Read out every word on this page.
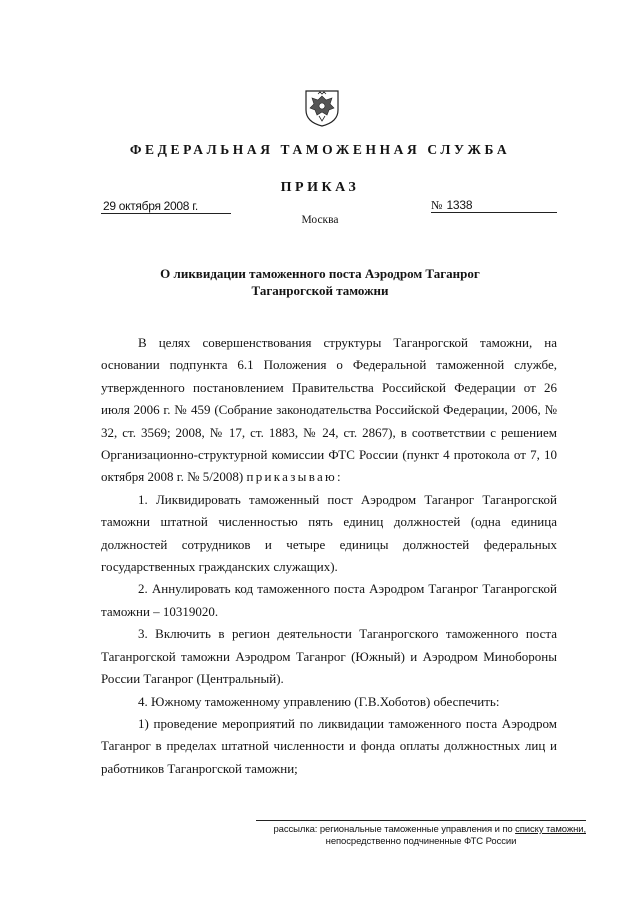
ФЕДЕРАЛЬНАЯ ТАМОЖЕННАЯ СЛУЖБА
ПРИКАЗ
29 октября 2008 г.	№ 1338
Москва
О ликвидации таможенного поста Аэродром Таганрог
Таганрогской таможни

В целях совершенствования структуры Таганрогской таможни, на основании подпункта 6.1 Положения о Федеральной таможенной службе, утвержденного постановлением Правительства Российской Федерации от 26 июля 2006 г. № 459 (Собрание законодательства Российской Федерации, 2006, № 32, ст. 3569; 2008, № 17, ст. 1883, № 24, ст. 2867), в соответствии с решением Организационно-структурной комиссии ФТС России (пункт 4 протокола от 7, 10 октября 2008 г. № 5/2008) приказываю:

1. Ликвидировать таможенный пост Аэродром Таганрог Таганрогской таможни штатной численностью пять единиц должностей (одна единица должностей сотрудников и четыре единицы должностей федеральных государственных гражданских служащих).

2. Аннулировать код таможенного поста Аэродром Таганрог Таганрогской таможни – 10319020.

3. Включить в регион деятельности Таганрогского таможенного поста Таганрогской таможни Аэродром Таганрог (Южный) и Аэродром Минобороны России Таганрог (Центральный).

4. Южному таможенному управлению (Г.В.Хоботов) обеспечить:

1) проведение мероприятий по ликвидации таможенного поста Аэродром Таганрог в пределах штатной численности и фонда оплаты должностных лиц и работников Таганрогской таможни;

рассылка: региональные таможенные управления и по списку таможни,
непосредственно подчиненные ФТС России
